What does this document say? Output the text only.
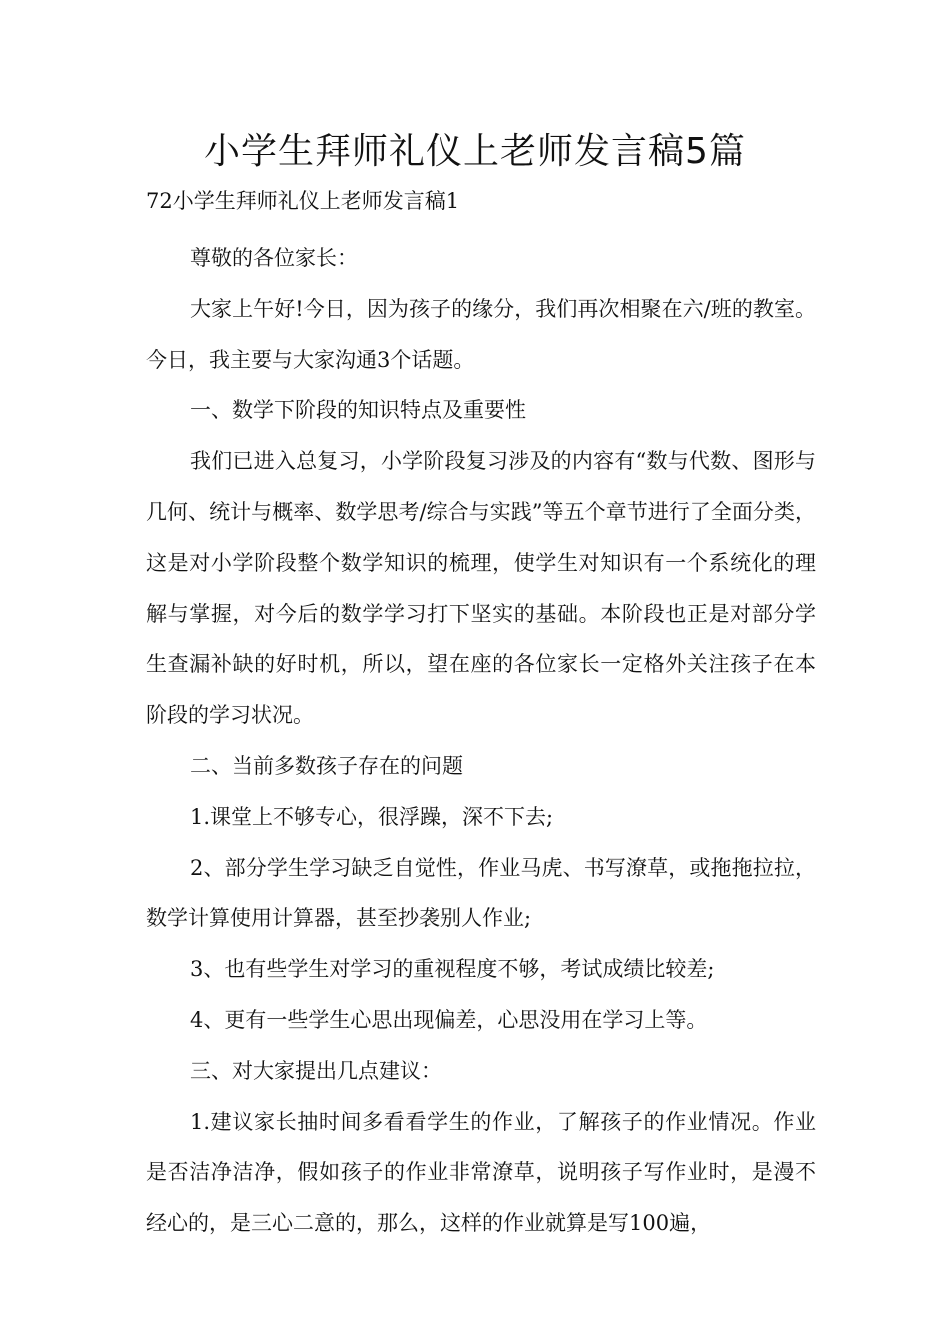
小学生拜师礼仪上老师发言稿5篇
72小学生拜师礼仪上老师发言稿1

尊敬的各位家长：

大家上午好!今日，因为孩子的缘分，我们再次相聚在六/班的教室。今日，我主要与大家沟通3个话题。

一、数学下阶段的知识特点及重要性

我们已进入总复习，小学阶段复习涉及的内容有“数与代数、图形与几何、统计与概率、数学思考/综合与实践”等五个章节进行了全面分类，这是对小学阶段整个数学知识的梳理，使学生对知识有一个系统化的理解与掌握，对今后的数学学习打下坚实的基础。本阶段也正是对部分学生查漏补缺的好时机，所以，望在座的各位家长一定格外关注孩子在本阶段的学习状况。

二、当前多数孩子存在的问题

1.课堂上不够专心，很浮躁，深不下去;

2、部分学生学习缺乏自觉性，作业马虎、书写潦草，或拖拖拉拉，数学计算使用计算器，甚至抄袭别人作业;

3、也有些学生对学习的重视程度不够，考试成绩比较差;

4、更有一些学生心思出现偏差，心思没用在学习上等。

三、对大家提出几点建议：

1.建议家长抽时间多看看学生的作业，了解孩子的作业情况。作业是否洁净洁净，假如孩子的作业非常潦草，说明孩子写作业时，是漫不经心的，是三心二意的，那么，这样的作业就算是写100遍，
